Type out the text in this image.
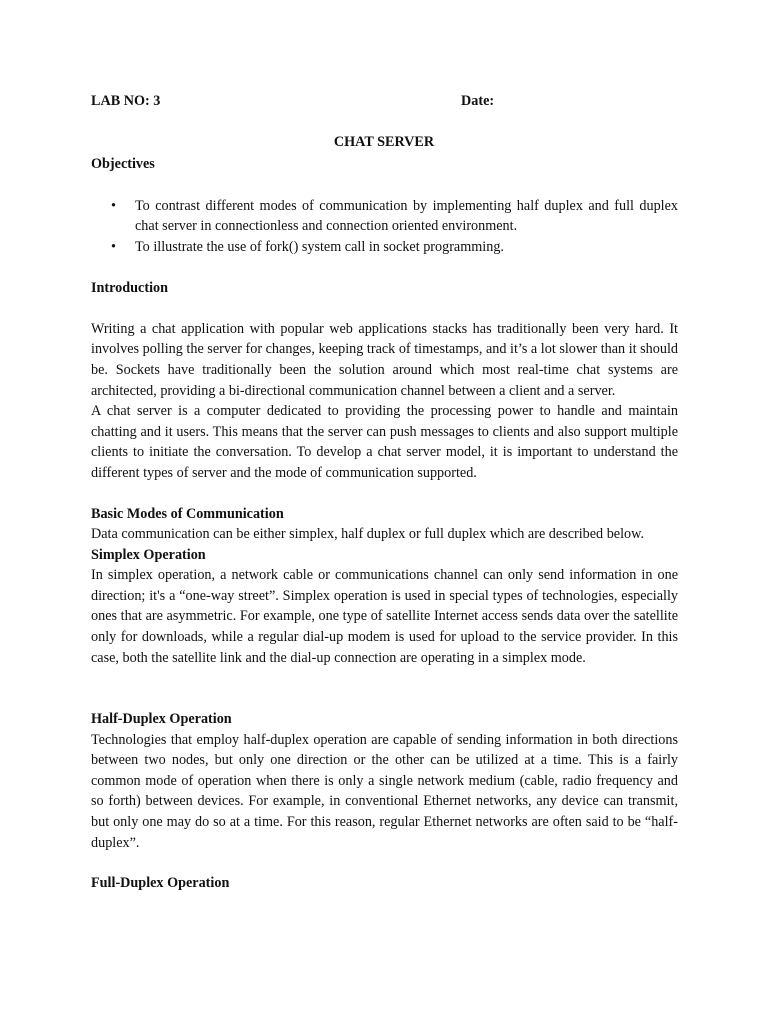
LAB NO: 3	Date:
CHAT SERVER
Objectives
• To contrast different modes of communication by implementing half duplex and full duplex chat server in connectionless and connection oriented environment.
• To illustrate the use of fork() system call in socket programming.
Introduction

Writing a chat application with popular web applications stacks has traditionally been very hard. It involves polling the server for changes, keeping track of timestamps, and it’s a lot slower than it should be. Sockets have traditionally been the solution around which most real-time chat systems are architected, providing a bi-directional communication channel between a client and a server.

A chat server is a computer dedicated to providing the processing power to handle and maintain chatting and it users. This means that the server can push messages to clients and also support multiple clients to initiate the conversation. To develop a chat server model, it is important to understand the different types of server and the mode of communication supported.

Basic Modes of Communication

Data communication can be either simplex, half duplex or full duplex which are described below.

Simplex Operation

In simplex operation, a network cable or communications channel can only send information in one direction; it's a “one-way street”. Simplex operation is used in special types of technologies, especially ones that are asymmetric. For example, one type of satellite Internet access sends data over the satellite only for downloads, while a regular dial-up modem is used for upload to the service provider. In this case, both the satellite link and the dial-up connection are operating in a simplex mode.

Half-Duplex Operation

Technologies that employ half-duplex operation are capable of sending information in both directions between two nodes, but only one direction or the other can be utilized at a time. This is a fairly common mode of operation when there is only a single network medium (cable, radio frequency and so forth) between devices. For example, in conventional Ethernet networks, any device can transmit, but only one may do so at a time. For this reason, regular Ethernet networks are often said to be “half-duplex”.

Full-Duplex Operation
